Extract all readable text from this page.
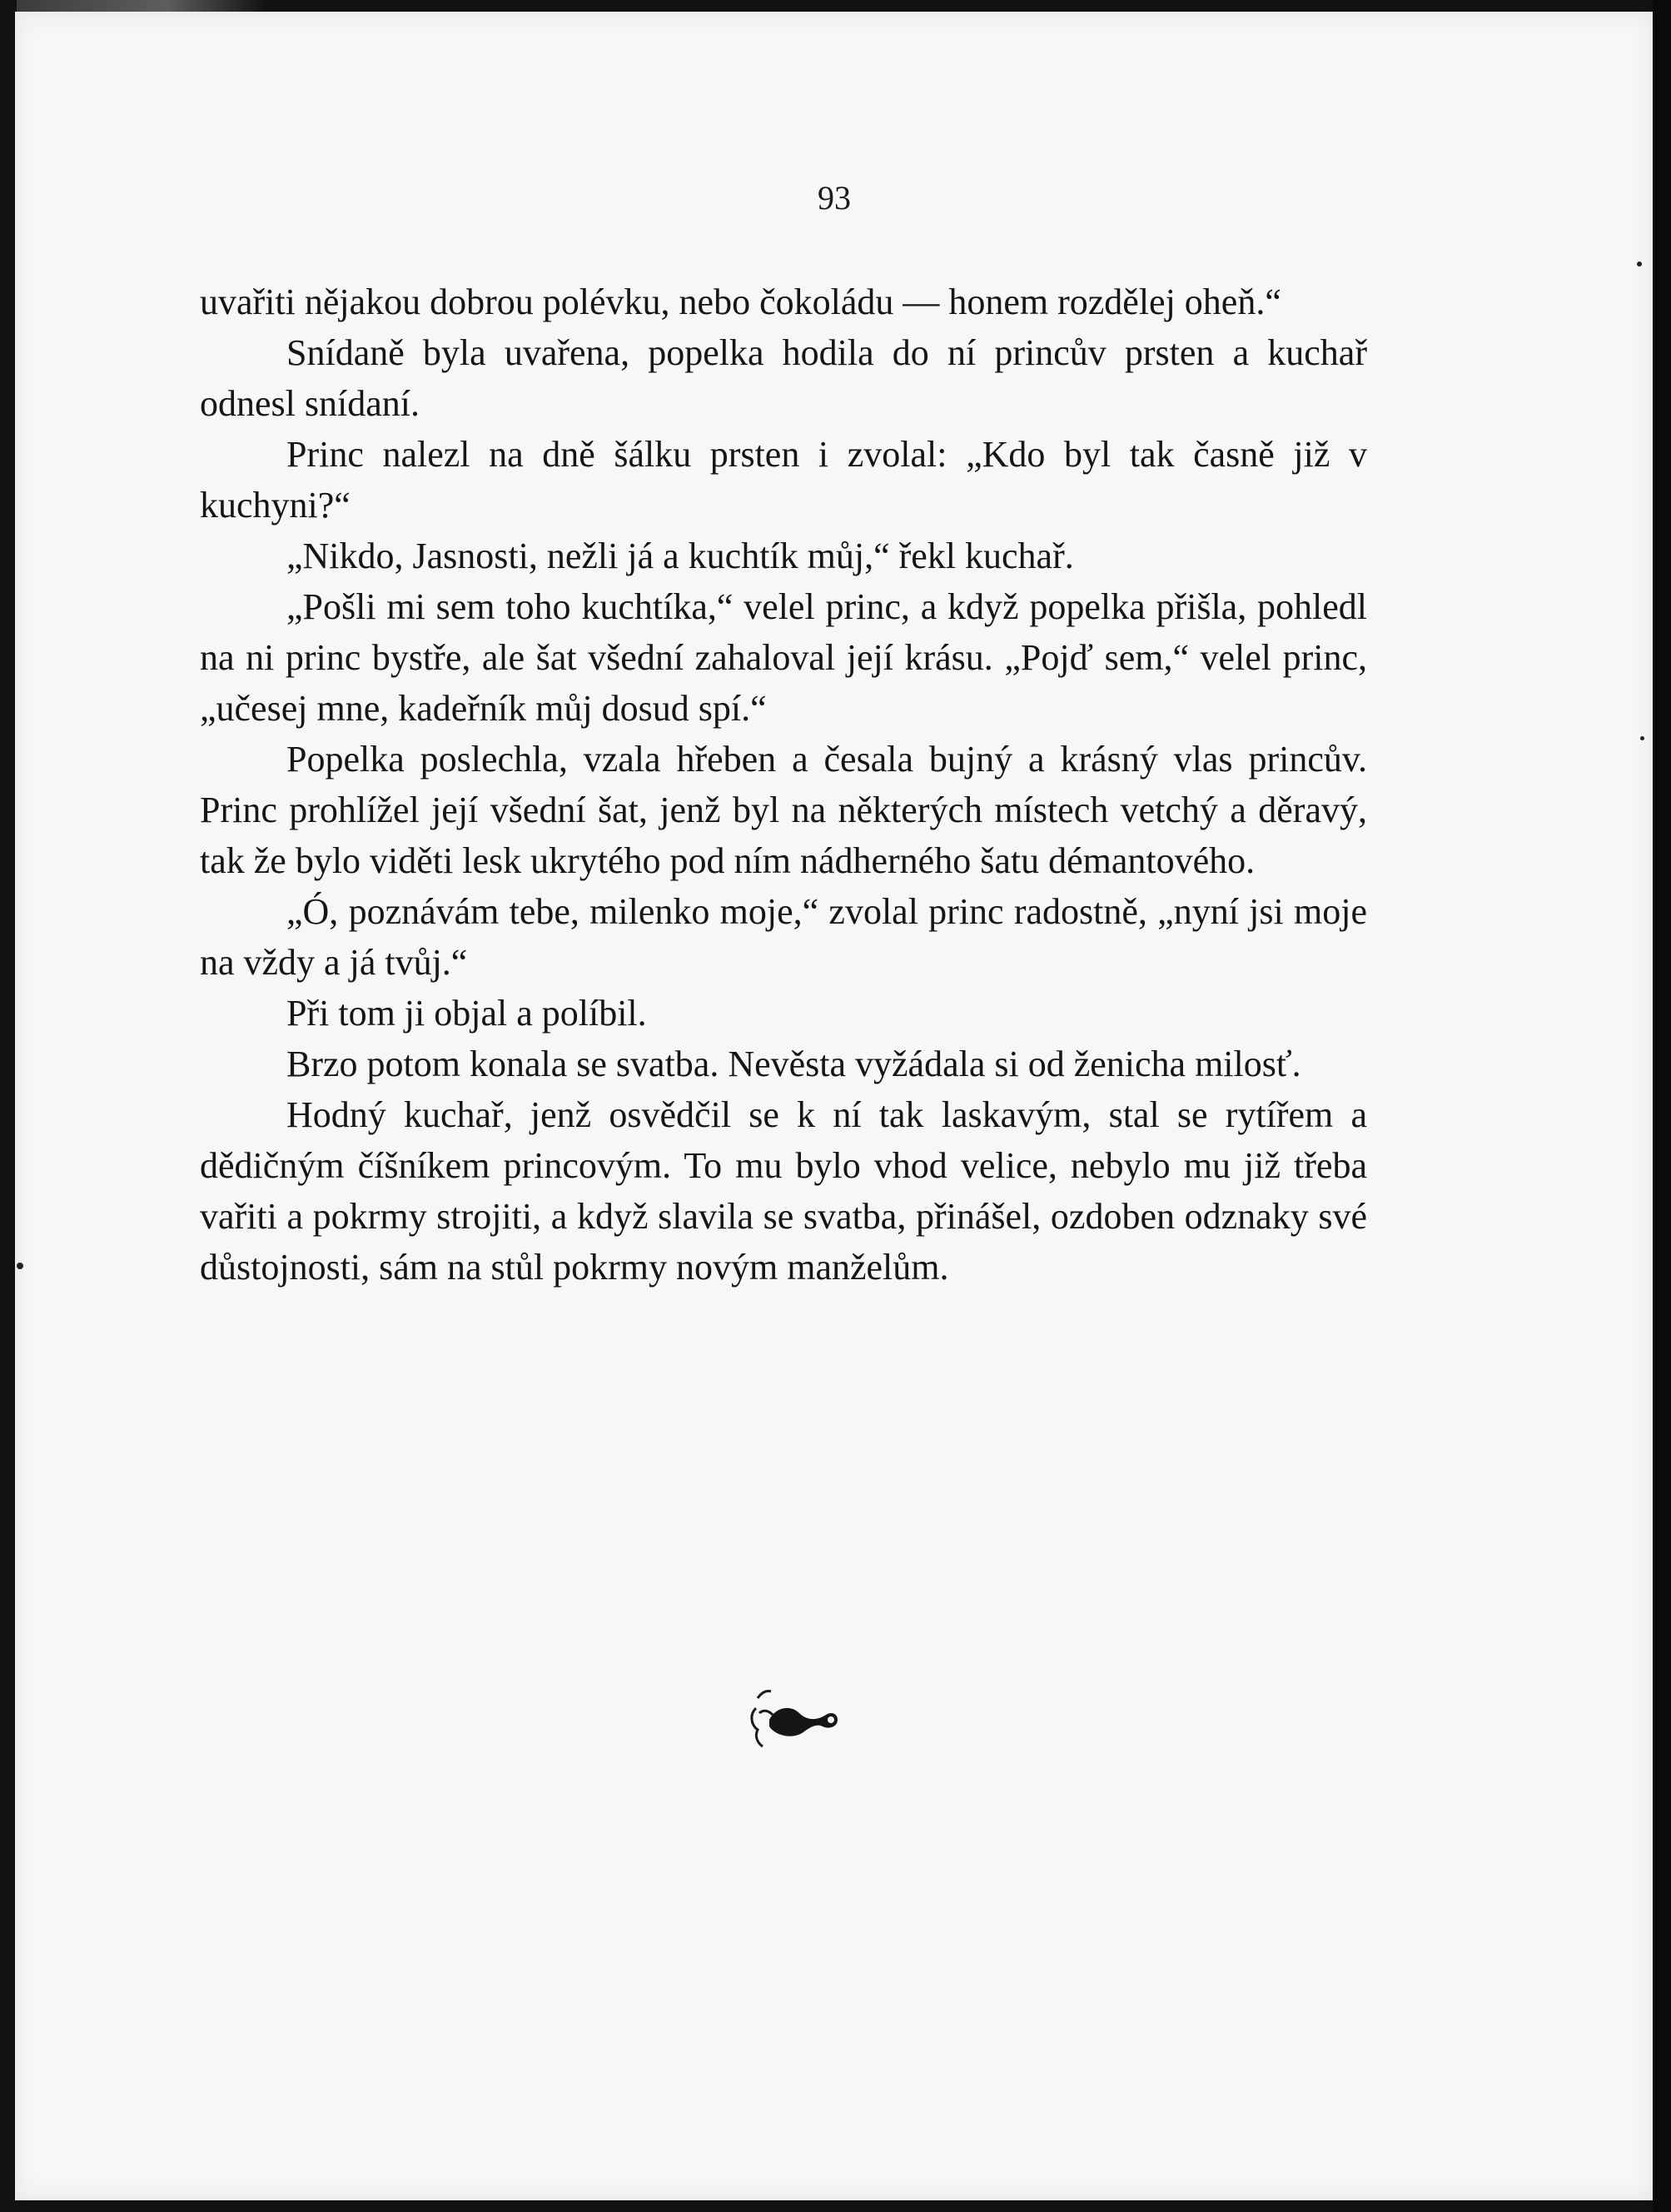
93

uvařiti nějakou dobrou polévku, nebo čokoládu — honem rozdělej oheň.“

Snídaně byla uvařena, popelka hodila do ní princův prsten a kuchař odnesl snídaní.

Princ nalezl na dně šálku prsten i zvolal: „Kdo byl tak časně již v kuchyni?“

„Nikdo, Jasnosti, nežli já a kuchtík můj,“ řekl kuchař.

„Pošli mi sem toho kuchtíka,“ velel princ, a když popelka přišla, pohledl na ni princ bystře, ale šat všední zahaloval její krásu. „Pojď sem,“ velel princ, „učesej mne, kadeřník můj dosud spí.“

Popelka poslechla, vzala hřeben a česala bujný a krásný vlas princův. Princ prohlížel její všední šat, jenž byl na některých místech vetchý a děravý, tak že bylo viděti lesk ukrytého pod ním nádherného šatu démantového.

„Ó, poznávám tebe, milenko moje,“ zvolal princ radostně, „nyní jsi moje na vždy a já tvůj.“

Při tom ji objal a políbil.

Brzo potom konala se svatba. Nevěsta vyžádala si od ženicha milosť.

Hodný kuchař, jenž osvědčil se k ní tak laskavým, stal se rytířem a dědičným číšníkem princovým. To mu bylo vhod velice, nebylo mu již třeba vařiti a pokrmy strojiti, a když slavila se svatba, přinášel, ozdoben odznaky své důstojnosti, sám na stůl pokrmy novým manželům.
